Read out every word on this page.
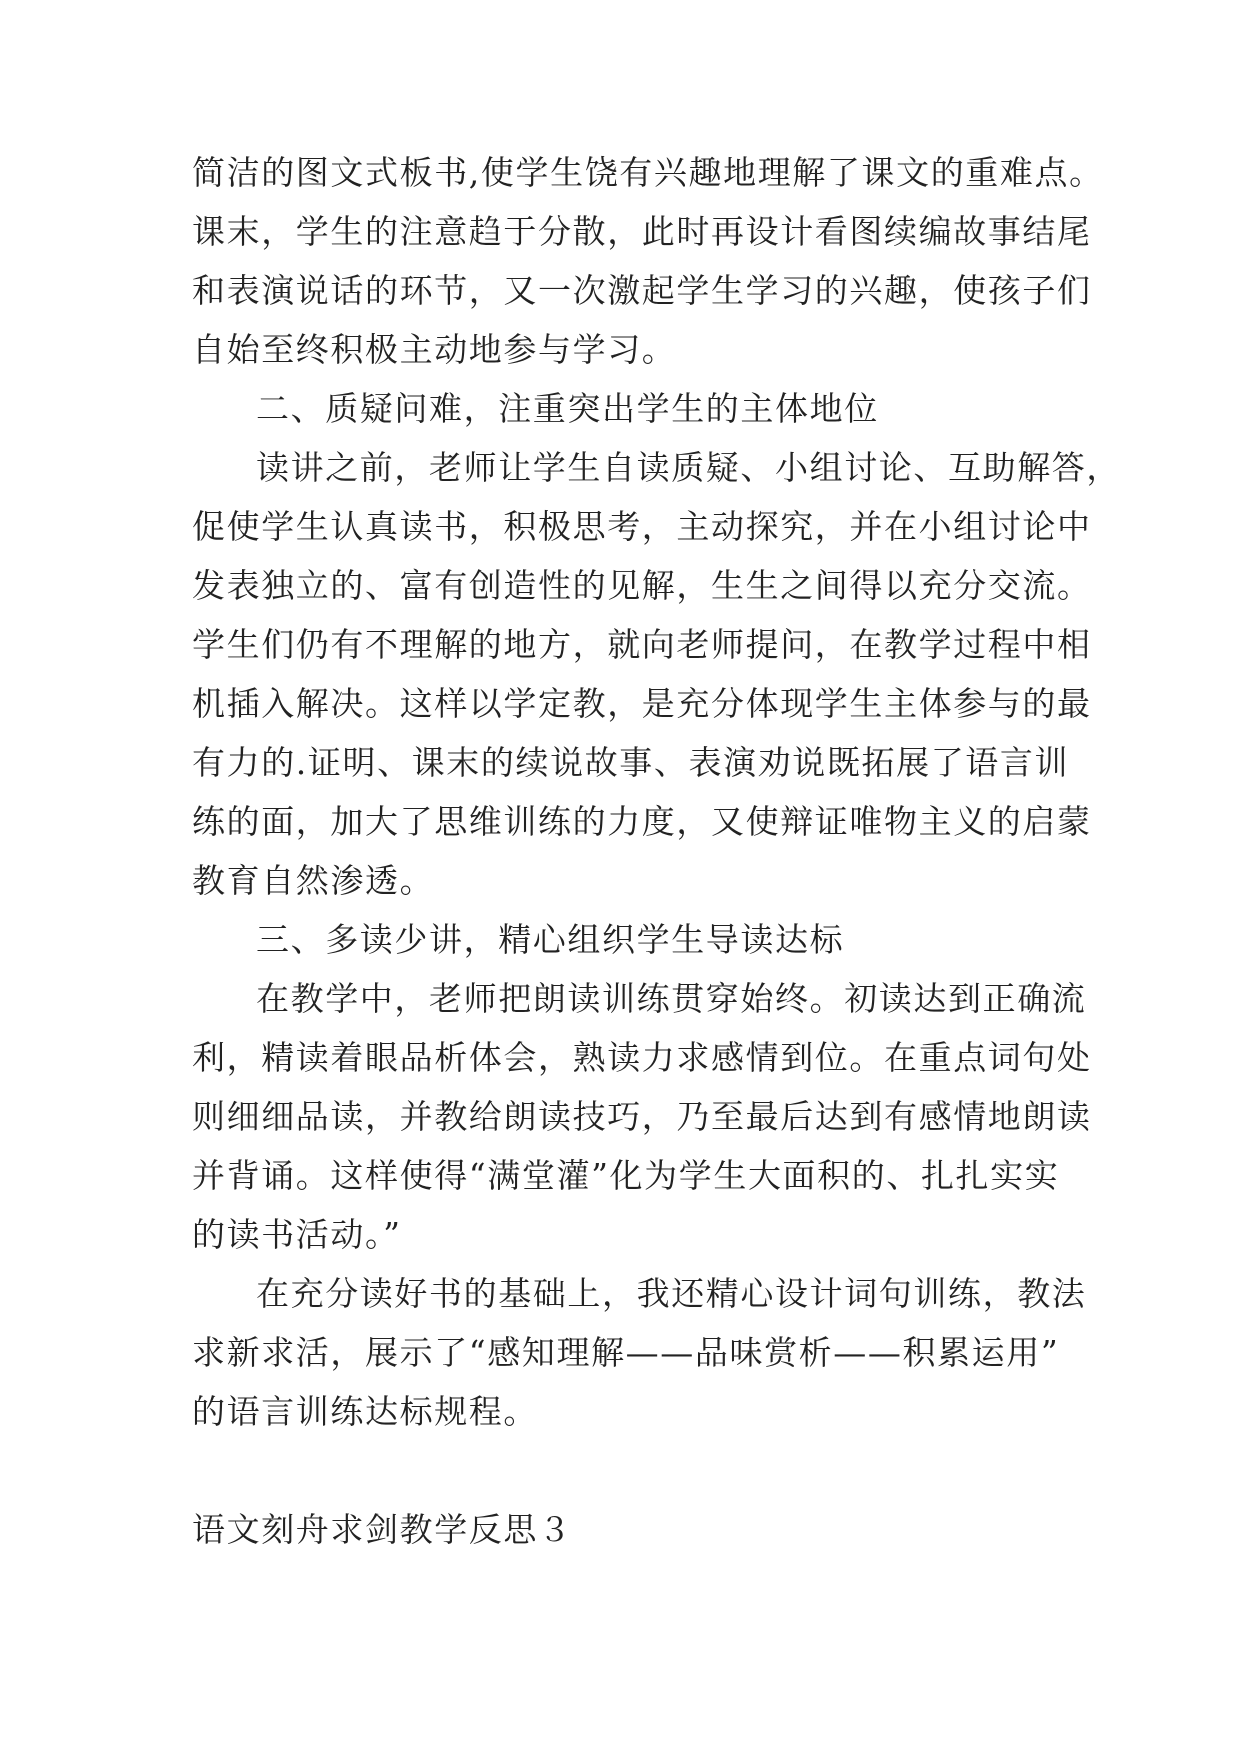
简洁的图文式板书,使学生饶有兴趣地理解了课文的重难点。
课末，学生的注意趋于分散，此时再设计看图续编故事结尾
和表演说话的环节，又一次激起学生学习的兴趣，使孩子们
自始至终积极主动地参与学习。
二、质疑问难，注重突出学生的主体地位
读讲之前，老师让学生自读质疑、小组讨论、互助解答，
促使学生认真读书，积极思考，主动探究，并在小组讨论中
发表独立的、富有创造性的见解，生生之间得以充分交流。
学生们仍有不理解的地方，就向老师提问，在教学过程中相
机插入解决。这样以学定教，是充分体现学生主体参与的最
有力的.证明、课末的续说故事、表演劝说既拓展了语言训
练的面，加大了思维训练的力度，又使辩证唯物主义的启蒙
教育自然渗透。
三、多读少讲，精心组织学生导读达标
在教学中，老师把朗读训练贯穿始终。初读达到正确流
利，精读着眼品析体会，熟读力求感情到位。在重点词句处
则细细品读，并教给朗读技巧，乃至最后达到有感情地朗读
并背诵。这样使得“满堂灌”化为学生大面积的、扎扎实实
的读书活动。”
在充分读好书的基础上，我还精心设计词句训练，教法
求新求活，展示了“感知理解——品味赏析——积累运用”
的语言训练达标规程。
语文刻舟求剑教学反思３
